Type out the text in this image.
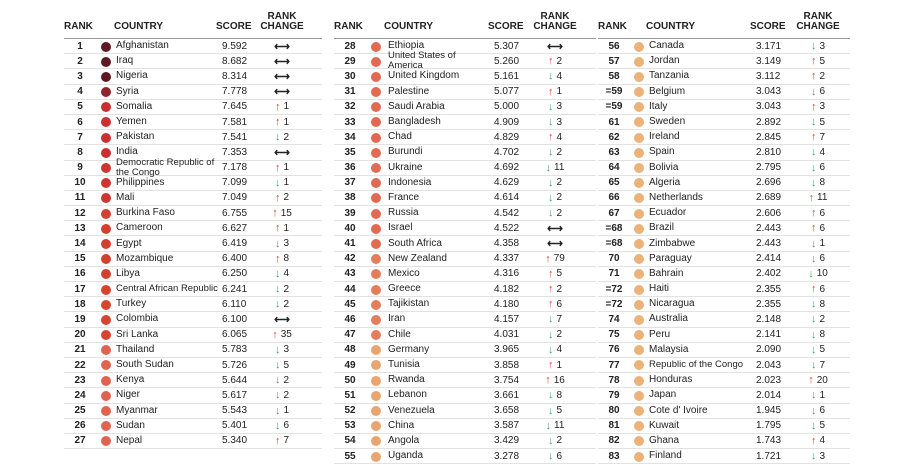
RANK COUNTRY	SCORE
RANK
CHANGE
1	Afghanistan	9.592 ⟷
2	Iraq	8.682 ⟷
3	Nigeria	8.314 ⟷
4	Syria	7.778 ⟷
5	Somalia	7.645	↑ 1
6	Yemen	7.581	↑ 1
7	Pakistan	7.541	↓ 2
8	India	7.353 ⟷
9	Democratic Republic of the Congo	7.178	↑ 1
10	Philippines	7.099	↓ 1
11	Mali	7.049	↑ 2
12	Burkina Faso	6.755 ↑ 15
13	Cameroon	6.627	↑ 1
14	Egypt	6.419	↓ 3
15	Mozambique	6.400	↑ 8
16	Libya	6.250	↓ 4
17	Central African Republic 6.241	↓ 2
18	Turkey	6.110	↓ 2
19	Colombia	6.100 ⟷
20	Sri Lanka	6.065 ↑ 35
21	Thailand	5.783	↓ 3
22	South Sudan	5.726	↓ 5
23	Kenya	5.644	↓ 2
24	Niger	5.617	↓ 2
25	Myanmar	5.543	↓ 1
26	Sudan	5.401	↓ 6
27	Nepal	5.340	↑ 7
RANK COUNTRY	SCORE
RANK
CHANGE
28	Ethiopia	5.307	⟷
29	United States of America	5.260	↑ 2
30	United Kingdom	5.161	↓ 4
31	Palestine	5.077	↑ 1
32	Saudi Arabia	5.000	↓ 3
33	Bangladesh	4.909	↓ 3
34	Chad	4.829	↑ 4
35	Burundi	4.702	↓ 2
36	Ukraine	4.692 ↓ 11
37	Indonesia	4.629	↓ 2
38	France	4.614	↓ 2
39	Russia	4.542	↓ 2
40	Israel	4.522	⟷
41	South Africa	4.358	⟷
42	New Zealand	4.337 ↑ 79
43	Mexico	4.316	↑ 5
44	Greece	4.182	↑ 2
45	Tajikistan	4.180	↑ 6
46	Iran	4.157	↓ 7
47	Chile	4.031	↓ 2
48	Germany	3.965	↓ 4
49	Tunisia	3.858	↑ 1
50	Rwanda	3.754 ↑ 16
51	Lebanon	3.661	↓ 8
52	Venezuela	3.658	↓ 5
53	China	3.587 ↓ 11
54	Angola	3.429	↓ 2
55	Uganda	3.278	↓ 6
RANK COUNTRY	SCORE
RANK
CHANGE
56	Canada	3.171	↓ 3
57	Jordan	3.149	↑ 5
58	Tanzania	3.112	↑ 2
=59	Belgium	3.043	↓ 6
=59	Italy	3.043	↑ 3
61	Sweden	2.892	↓ 5
62	Ireland	2.845	↑ 7
63	Spain	2.810	↓ 4
64	Bolivia	2.795	↓ 6
65	Algeria	2.696	↓ 8
66	Netherlands	2.689	↑ 11
67	Ecuador	2.606	↑ 6
=68	Brazil	2.443	↑ 6
=68	Zimbabwe	2.443	↓ 1
70	Paraguay	2.414	↓ 6
71	Bahrain	2.402 ↓ 10
=72	Haiti	2.355	↑ 6
=72	Nicaragua	2.355	↓ 8
74	Australia	2.148	↓ 2
75	Peru	2.141	↓ 8
76	Malaysia	2.090	↓ 5
77	Republic of the Congo	2.043	↓ 7
78	Honduras	2.023 ↑ 20
79	Japan	2.014	↓ 1
80	Cote d' Ivoire	1.945	↓ 6
81	Kuwait	1.795	↓ 5
82	Ghana	1.743	↑ 4
83	Finland	1.721	↓ 3
